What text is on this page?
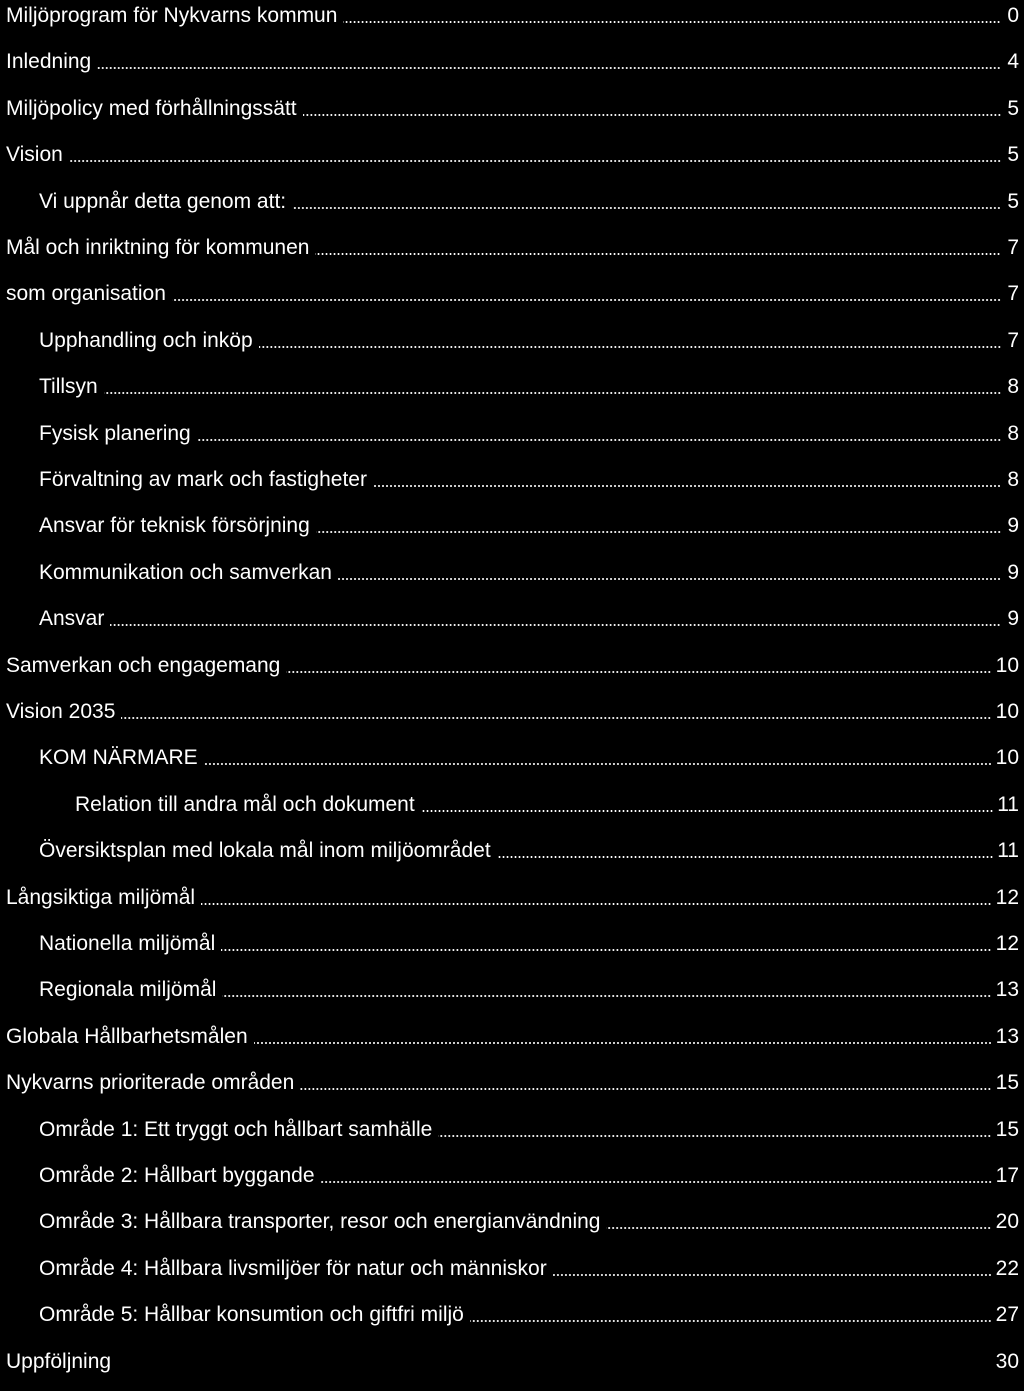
Miljöprogram för Nykvarns kommun	0
Inledning	4
Miljöpolicy med förhållningssätt	5
Vision	5
Vi uppnår detta genom att:	5
Mål och inriktning för kommunen	7
som organisation	7
Upphandling och inköp	7
Tillsyn	8
Fysisk planering	8
Förvaltning av mark och fastigheter	8
Ansvar för teknisk försörjning	9
Kommunikation och samverkan	9
Ansvar	9
Samverkan och engagemang	10
Vision 2035	10
KOM NÄRMARE	10
Relation till andra mål och dokument	11
Översiktsplan med lokala mål inom miljöområdet	11
Långsiktiga miljömål	12
Nationella miljömål	12
Regionala miljömål	13
Globala Hållbarhetsmålen	13
Nykvarns prioriterade områden	15
Område 1: Ett tryggt och hållbart samhälle	15
Område 2: Hållbart byggande	17
Område 3: Hållbara transporter, resor och energianvändning	20
Område 4: Hållbara livsmiljöer för natur och människor	22
Område 5: Hållbar konsumtion och giftfri miljö	27
Uppföljning	30
